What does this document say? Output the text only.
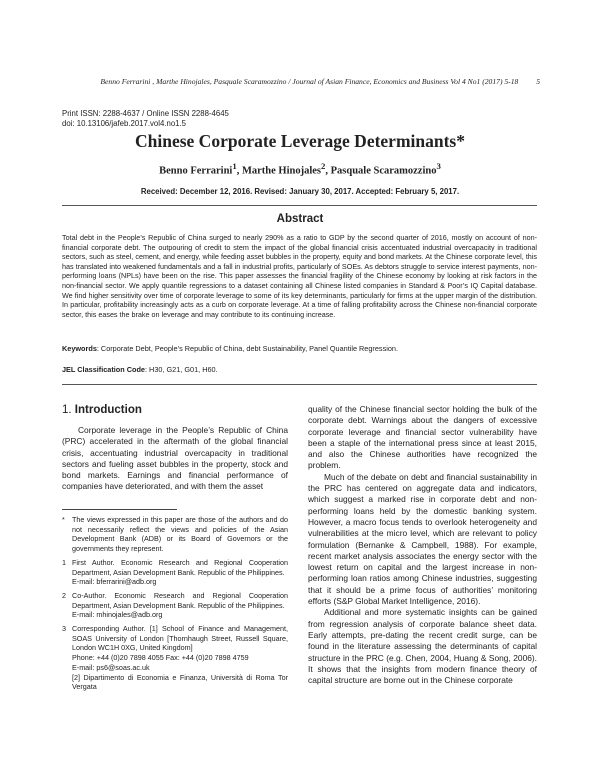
Benno Ferrarini , Marthe Hinojales, Pasquale Scaramozzino / Journal of Asian Finance, Economics and Business Vol 4 No1 (2017) 5-18 5
Print ISSN: 2288-4637 / Online ISSN 2288-4645
doi: 10.13106/jafeb.2017.vol4.no1.5
Chinese Corporate Leverage Determinants*
Benno Ferrarini$^1$, Marthe Hinojales$^2$, Pasquale Scaramozzino$^3$
Received: December 12, 2016. Revised: January 30, 2017. Accepted: February 5, 2017.
Abstract
Total debt in the People’s Republic of China surged to nearly 290% as a ratio to GDP by the second quarter of 2016, mostly on account of non-financial corporate debt. The outpouring of credit to stem the impact of the global financial crisis accentuated industrial overcapacity in traditional sectors, such as steel, cement, and energy, while feeding asset bubbles in the property, equity and bond markets. At the Chinese corporate level, this has translated into weakened fundamentals and a fall in industrial profits, particularly of SOEs. As debtors struggle to service interest payments, non-performing loans (NPLs) have been on the rise. This paper assesses the financial fragility of the Chinese economy by looking at risk factors in the non-financial sector. We apply quantile regressions to a dataset containing all Chinese listed companies in Standard & Poor’s IQ Capital database. We find higher sensitivity over time of corporate leverage to some of its key determinants, particularly for firms at the upper margin of the distribution. In particular, profitability increasingly acts as a curb on corporate leverage. At a time of falling profitability across the Chinese non-financial corporate sector, this eases the brake on leverage and may contribute to its continuing increase.
Keywords: Corporate Debt, People’s Republic of China, debt Sustainability, Panel Quantile Regression.
JEL Classification Code: H30, G21, G01, H60.
1. Introduction

Corporate leverage in the People’s Republic of China (PRC) accelerated in the aftermath of the global financial crisis, accentuating industrial overcapacity in traditional sectors and fueling asset bubbles in the property, stock and bond markets. Earnings and financial performance of companies have deteriorated, and with them the asset

* The views expressed in this paper are those of the authors and do not necessarily reflect the views and policies of the Asian Development Bank (ADB) or its Board of Governors or the governments they represent.
1 First Author. Economic Research and Regional Cooperation Department, Asian Development Bank. Republic of the Philippines.
E-mail: bferrarini@adb.org
2 Co-Author. Economic Research and Regional Cooperation Department, Asian Development Bank. Republic of the Philippines.
E-mail: mhinojales@adb.org
3 Corresponding Author. [1] School of Finance and Management, SOAS University of London [Thornhaugh Street, Russell Square, London WC1H 0XG, United Kingdom]
Phone: +44 (0)20 7898 4055 Fax: +44 (0)20 7898 4759
E-mail: ps6@soas.ac.uk
[2] Dipartimento di Economia e Finanza, Università di Roma Tor Vergata

quality of the Chinese financial sector holding the bulk of the corporate debt. Warnings about the dangers of excessive corporate leverage and financial sector vulnerability have been a staple of the international press since at least 2015, and also the Chinese authorities have recognized the problem.

Much of the debate on debt and financial sustainability in the PRC has centered on aggregate data and indicators, which suggest a marked rise in corporate debt and non-performing loans held by the domestic banking system. However, a macro focus tends to overlook heterogeneity and vulnerabilities at the micro level, which are relevant to policy formulation (Bernanke & Campbell, 1988). For example, recent market analysis associates the energy sector with the lowest return on capital and the largest increase in non-performing loan ratios among Chinese industries, suggesting that it should be a prime focus of authorities’ monitoring efforts (S&P Global Market Intelligence, 2016).

Additional and more systematic insights can be gained from regression analysis of corporate balance sheet data. Early attempts, pre-dating the recent credit surge, can be found in the literature assessing the determinants of capital structure in the PRC (e.g. Chen, 2004, Huang & Song, 2006). It shows that the insights from modern finance theory of capital structure are borne out in the Chinese corporate
